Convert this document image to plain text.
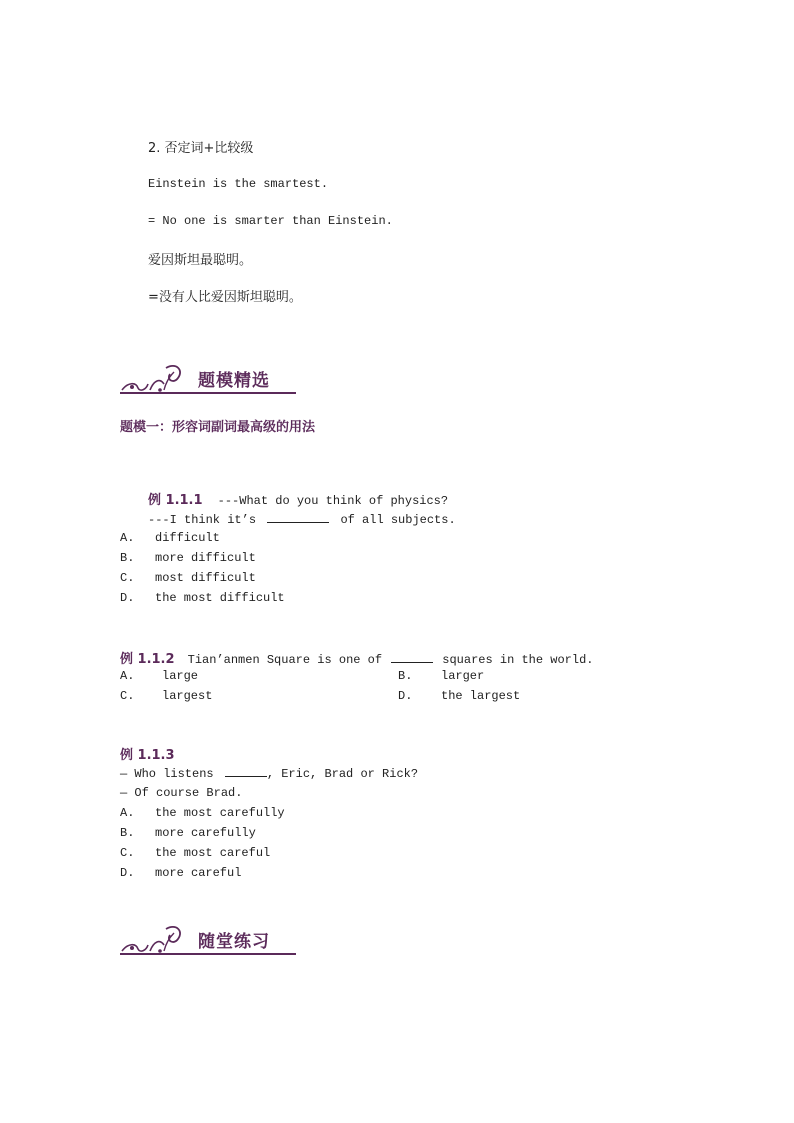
2. 否定词+比较级
Einstein is the smartest.
= No one is smarter than Einstein.
爱因斯坦最聪明。
=没有人比爱因斯坦聪明。
题模精选
题模一：形容词副词最高级的用法
例 1.1.1 ---What do you think of physics?
---I think it’s	of all subjects.
A. difficult
B. more difficult
C. most difficult
D. the most difficult
例 1.1.2 Tian’anmen Square is one of	squares in the world.
A. large	B. larger
C. largest	D. the largest
例 1.1.3
— Who listens	, Eric, Brad or Rick?
— Of course Brad.
A. the most carefully
B. more carefully
C. the most careful
D. more careful
随堂练习
